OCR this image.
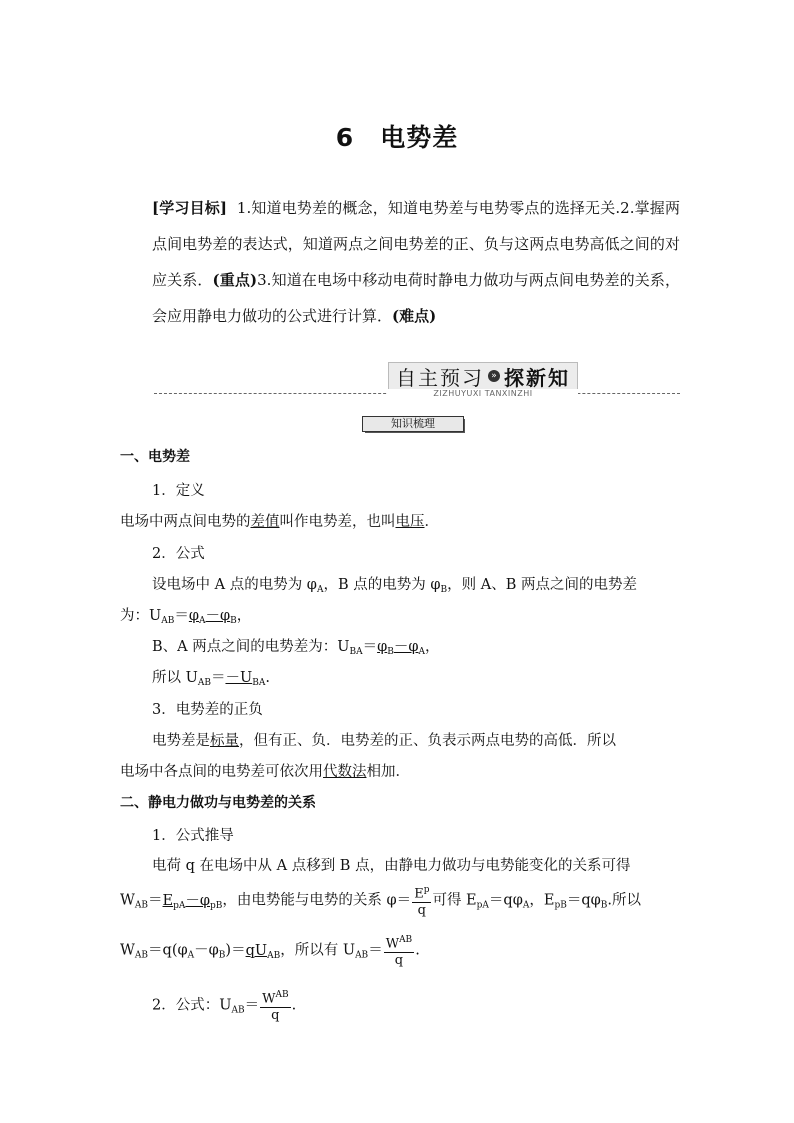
6 电势差
[学习目标] 1.知道电势差的概念，知道电势差与电势零点的选择无关.2.掌握两点间电势差的表达式，知道两点之间电势差的正、负与这两点电势高低之间的对应关系．(重点)3.知道在电场中移动电荷时静电力做功与两点间电势差的关系，会应用静电力做功的公式进行计算．(难点)
自主预习 » 探新知
ZIZHUYUXI TANXINZHI
知识梳理
一、电势差
1．定义
电场中两点间电势的差值叫作电势差，也叫电压．
2．公式
设电场中 A 点的电势为 $\varphi_A$，B 点的电势为 $\varphi_B$，则 A、B 两点之间的电势差
为：$U_{AB}=\varphi_A-\varphi_B$，
B、A 两点之间的电势差为：$U_{BA}=\varphi_B-\varphi_A$，
所以 $U_{AB}=-U_{BA}$.
3．电势差的正负
电势差是标量，但有正、负．电势差的正、负表示两点电势的高低．所以
电场中各点间的电势差可依次用代数法相加．
二、静电力做功与电势差的关系
1．公式推导
电荷 q 在电场中从 A 点移到 B 点，由静电力做功与电势能变化的关系可得
$W_{AB}=E_{pA}-\varphi_{pB}$，由电势能与电势的关系 $\varphi= \frac{E^p}{q}$ 可得 $E_{pA}=q\varphi_A$，$E_{pB}=q\varphi_B$.所以
$W_{AB}=q(\varphi_A-\varphi_B)=qU_{AB}$，所以有 $U_{AB}= \frac{W^{AB}}{q}$ .
2．公式：$U_{AB}= \frac{W^{AB}}{q}$ .
